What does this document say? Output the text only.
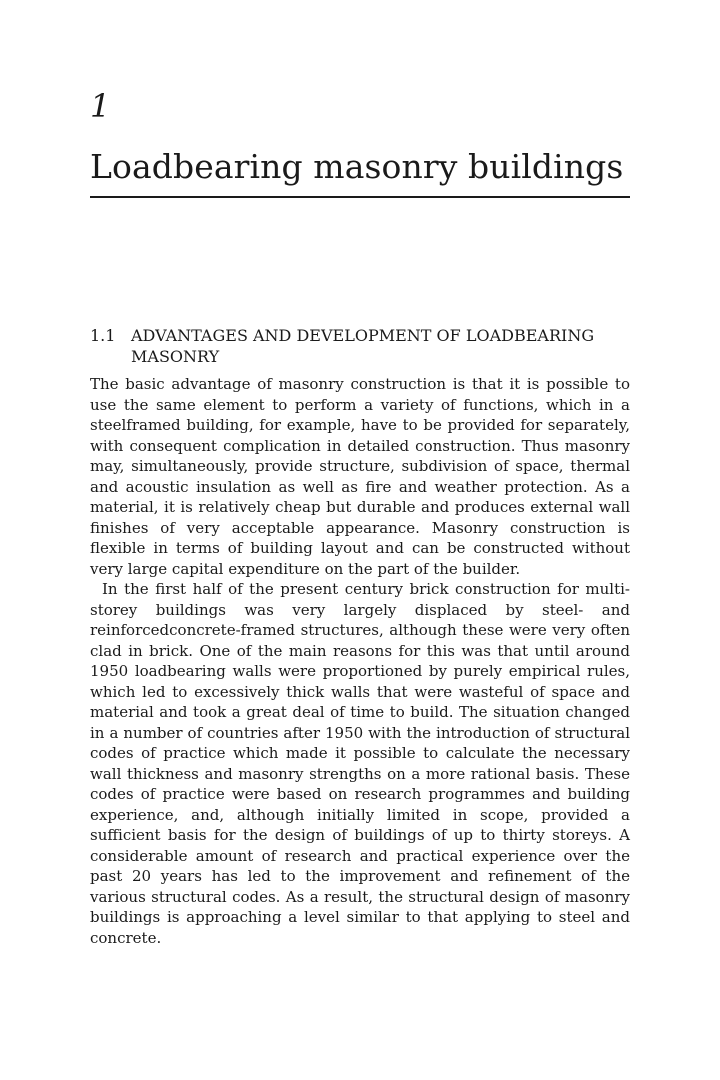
1
Loadbearing masonry buildings
1.1 ADVANTAGES AND DEVELOPMENT OF LOADBEARING MASONRY

The basic advantage of masonry construction is that it is possible to use the same element to perform a variety of functions, which in a steelframed building, for example, have to be provided for separately, with consequent complication in detailed construction. Thus masonry may, simultaneously, provide structure, subdivision of space, thermal and acoustic insulation as well as fire and weather protection. As a material, it is relatively cheap but durable and produces external wall finishes of very acceptable appearance. Masonry construction is flexible in terms of building layout and can be constructed without very large capital expenditure on the part of the builder.

In the first half of the present century brick construction for multi-storey buildings was very largely displaced by steel- and reinforcedconcrete-framed structures, although these were very often clad in brick. One of the main reasons for this was that until around 1950 loadbearing walls were proportioned by purely empirical rules, which led to excessively thick walls that were wasteful of space and material and took a great deal of time to build. The situation changed in a number of countries after 1950 with the introduction of structural codes of practice which made it possible to calculate the necessary wall thickness and masonry strengths on a more rational basis. These codes of practice were based on research programmes and building experience, and, although initially limited in scope, provided a sufficient basis for the design of buildings of up to thirty storeys. A considerable amount of research and practical experience over the past 20 years has led to the improvement and refinement of the various structural codes. As a result, the structural design of masonry buildings is approaching a level similar to that applying to steel and concrete.
